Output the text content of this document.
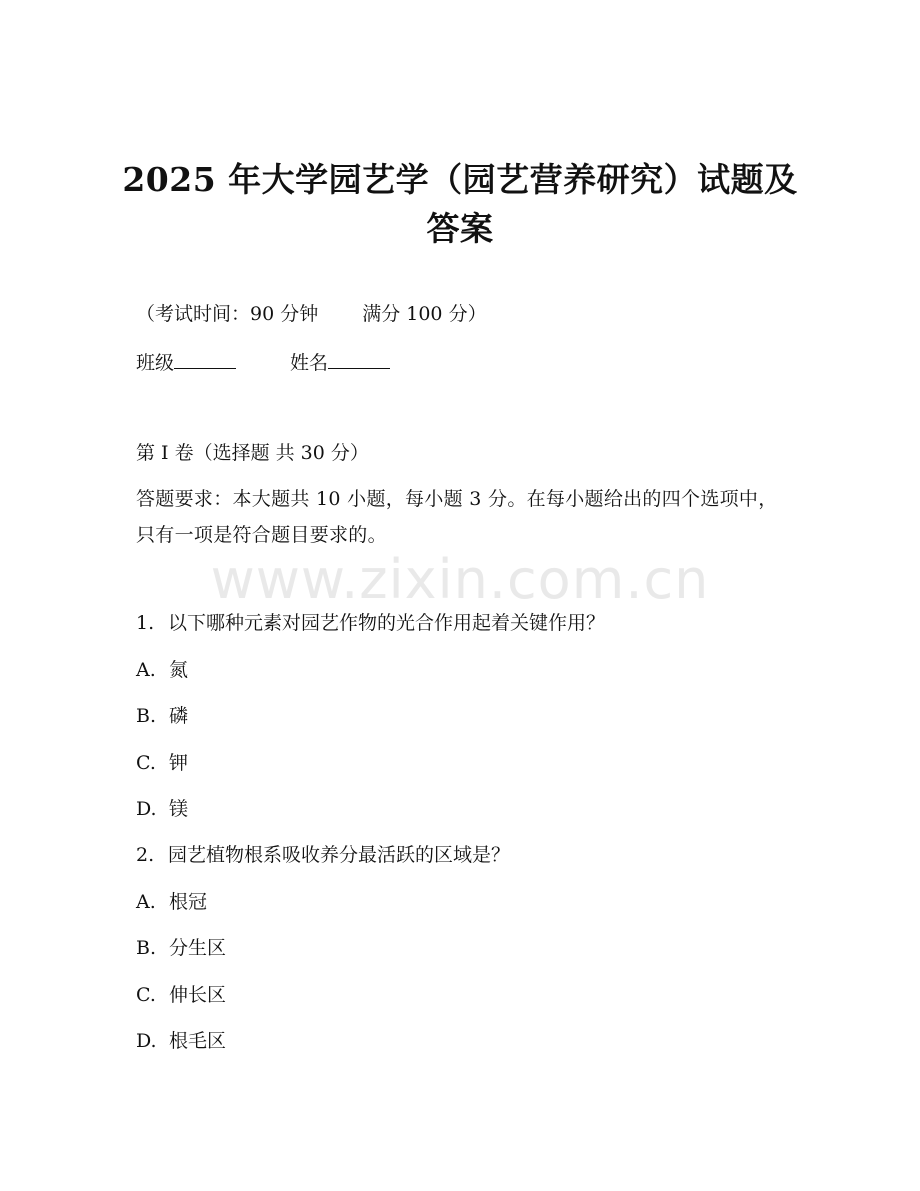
2025 年大学园艺学（园艺营养研究）试题及
答案
（考试时间：90 分钟 满分 100 分）
班级	姓名
第 I 卷（选择题 共 30 分）
答题要求：本大题共 10 小题，每小题 3 分。在每小题给出的四个选项中，只有一项是符合题目要求的。
www.zixin.com.cn
1. 以下哪种元素对园艺作物的光合作用起着关键作用？
A. 氮
B. 磷
C. 钾
D. 镁
2. 园艺植物根系吸收养分最活跃的区域是？
A. 根冠
B. 分生区
C. 伸长区
D. 根毛区
